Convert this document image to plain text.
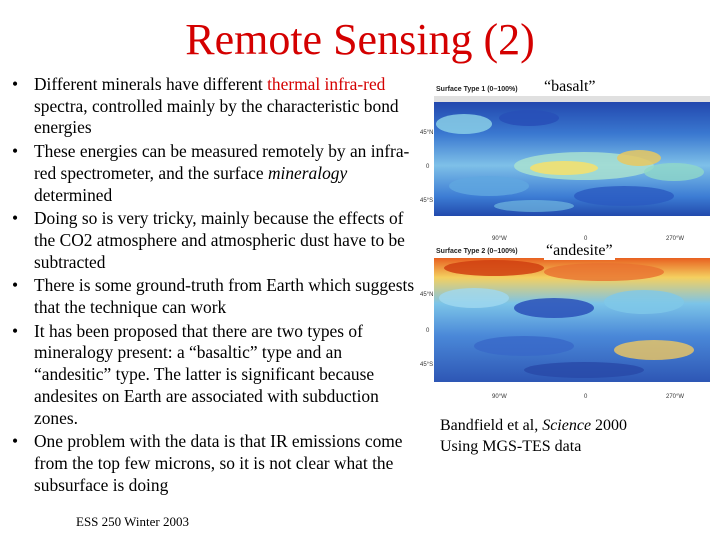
Remote Sensing (2)
• Different minerals have different thermal infra-red spectra, controlled mainly by the characteristic bond energies
• These energies can be measured remotely by an infra-red spectrometer, and the surface mineralogy determined
• Doing so is very tricky, mainly because the effects of the CO2 atmosphere and atmospheric dust have to be subtracted
• There is some ground-truth from Earth which suggests that the technique can work
• It has been proposed that there are two types of mineralogy present: a “basaltic” type and an “andesitic” type. The latter is significant because andesites on Earth are associated with subduction zones.
• One problem with the data is that IR emissions come from the top few microns, so it is not clear what the subsurface is doing
Surface Type 1 (0–100%)
45°N
0
45°S
90°W	0	270°W
“basalt”
Surface Type 2 (0–100%)
45°N
0
45°S
90°W	0	270°W
“andesite”
Bandfield et al, Science 2000
Using MGS-TES data
ESS 250 Winter 2003
